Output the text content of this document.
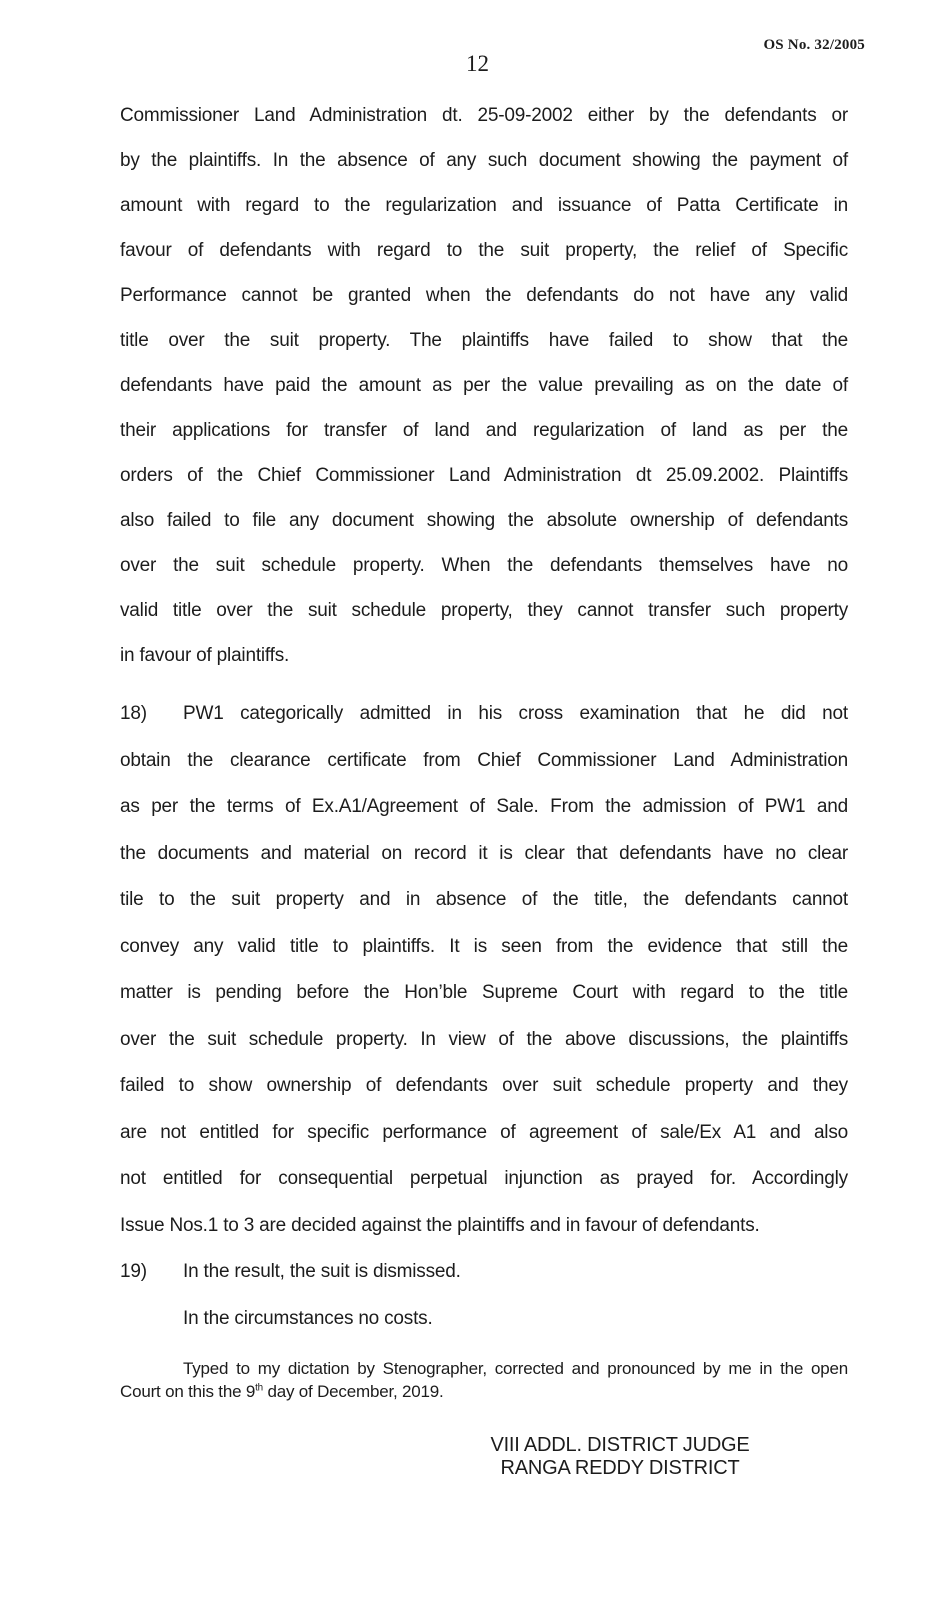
OS No. 32/2005
12
Commissioner Land Administration dt. 25-09-2002 either by the defendants or
by the plaintiffs. In the absence of any such document showing the payment of
amount with regard to the regularization and issuance of Patta Certificate in
favour of defendants with regard to the suit property, the relief of Specific
Performance cannot be granted when the defendants do not have any valid
title over the suit property. The plaintiffs have failed to show that the
defendants have paid the amount as per the value prevailing as on the date of
their applications for transfer of land and regularization of land as per the
orders of the Chief Commissioner Land Administration dt 25.09.2002. Plaintiffs
also failed to file any document showing the absolute ownership of defendants
over the suit schedule property. When the defendants themselves have no
valid title over the suit schedule property, they cannot transfer such property
in favour of plaintiffs.
18)	PW1 categorically admitted in his cross examination that he did not
obtain the clearance certificate from Chief Commissioner Land Administration
as per the terms of Ex.A1/Agreement of Sale. From the admission of PW1 and
the documents and material on record it is clear that defendants have no clear
tile to the suit property and in absence of the title, the defendants cannot
convey any valid title to plaintiffs. It is seen from the evidence that still the
matter is pending before the Hon’ble Supreme Court with regard to the title
over the suit schedule property. In view of the above discussions, the plaintiffs
failed to show ownership of defendants over suit schedule property and they
are not entitled for specific performance of agreement of sale/Ex A1 and also
not entitled for consequential perpetual injunction as prayed for. Accordingly
Issue Nos.1 to 3 are decided against the plaintiffs and in favour of defendants.
19)	In the result, the suit is dismissed.
In the circumstances no costs.
Typed to my dictation by Stenographer, corrected and pronounced by me in the open
Court on this the 9th day of December, 2019.
VIII ADDL. DISTRICT JUDGE
RANGA REDDY DISTRICT
